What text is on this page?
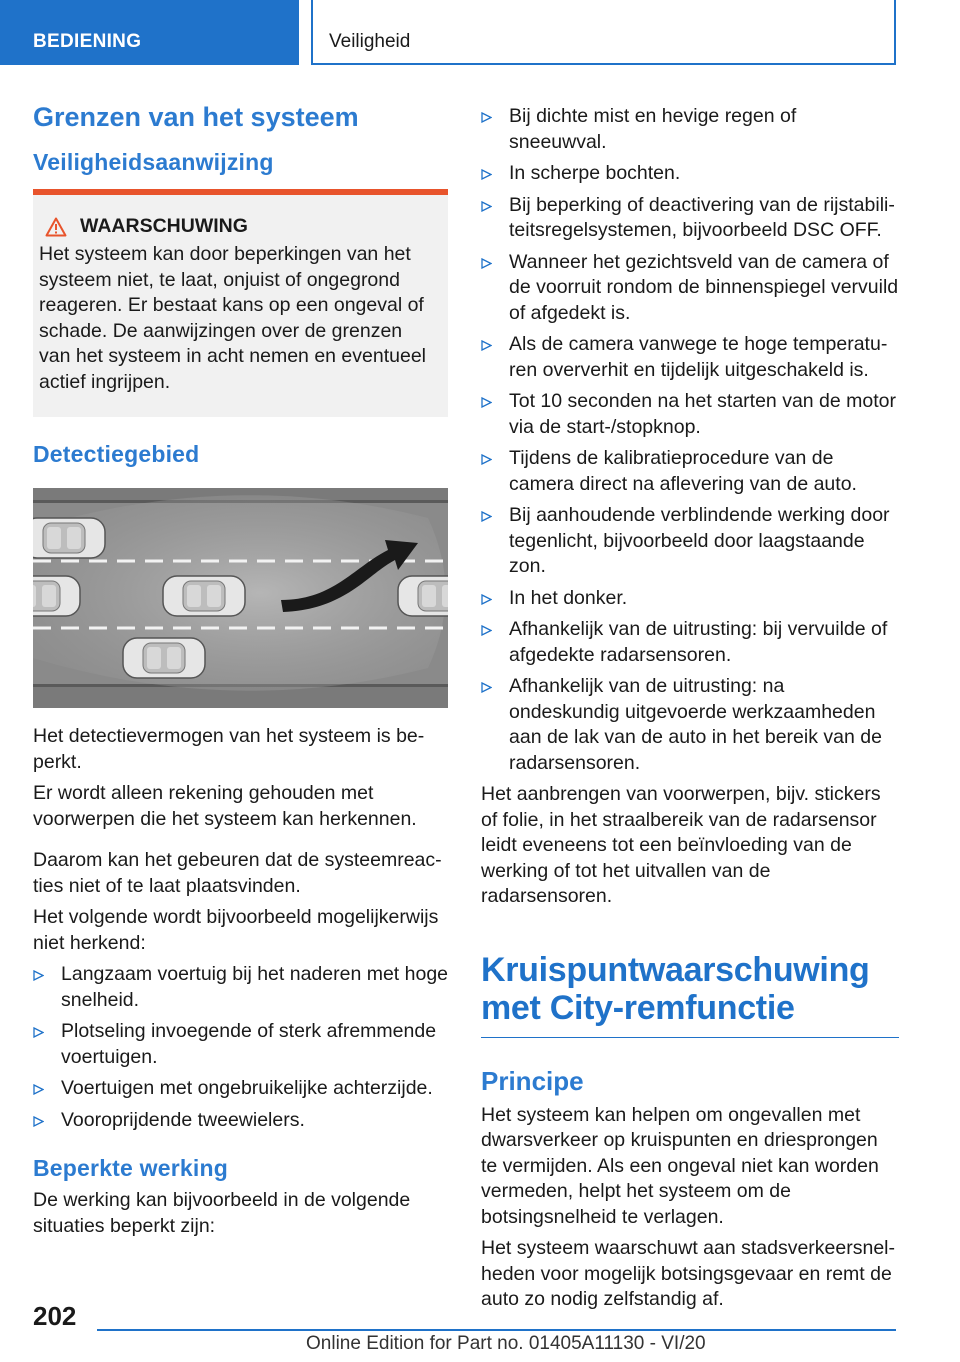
BEDIENING	Veiligheid
Grenzen van het systeem
Veiligheidsaanwijzing
WAARSCHUWING

Het systeem kan door beperkingen van het systeem niet, te laat, onjuist of ongegrond reageren. Er bestaat kans op een ongeval of schade. De aanwijzingen over de grenzen van het systeem in acht nemen en eventueel actief ingrijpen.

Detectiegebied

Het detectievermogen van het systeem is beperkt.

Er wordt alleen rekening gehouden met voorwerpen die het systeem kan herkennen.

Daarom kan het gebeuren dat de systeemreacties niet of te laat plaatsvinden.

Het volgende wordt bijvoorbeeld mogelijkerwijs niet herkend:

Langzaam voertuig bij het naderen met hoge snelheid.
Plotseling invoegende of sterk afremmende voertuigen.
Voertuigen met ongebruikelijke achterzijde.
Vooroprijdende tweewielers.
Beperkte werking

De werking kan bijvoorbeeld in de volgende situaties beperkt zijn:

Bij dichte mist en hevige regen of sneeuwval.
In scherpe bochten.
Bij beperking of deactivering van de rijstabiliteitsregelsystemen, bijvoorbeeld DSC OFF.
Wanneer het gezichtsveld van de camera of de voorruit rondom de binnenspiegel vervuild of afgedekt is.
Als de camera vanwege te hoge temperaturen oververhit en tijdelijk uitgeschakeld is.
Tot 10 seconden na het starten van de motor via de start-/stopknop.
Tijdens de kalibratieprocedure van de camera direct na aflevering van de auto.
Bij aanhoudende verblindende werking door tegenlicht, bijvoorbeeld door laagstaande zon.
In het donker.
Afhankelijk van de uitrusting: bij vervuilde of afgedekte radarsensoren.
Afhankelijk van de uitrusting: na ondeskundig uitgevoerde werkzaamheden aan de lak van de auto in het bereik van de radarsensoren.

Het aanbrengen van voorwerpen, bijv. stickers of folie, in het straalbereik van de radarsensor leidt eveneens tot een beïnvloeding van de werking of tot het uitvallen van de radarsensoren.

Kruispuntwaarschuwing met City-remfunctie
Principe

Het systeem kan helpen om ongevallen met dwarsverkeer op kruispunten en driesprongen te vermijden. Als een ongeval niet kan worden vermeden, helpt het systeem om de botsingsnelheid te verlagen.

Het systeem waarschuwt aan stadsverkeersnelheden voor mogelijk botsingsgevaar en remt de auto zo nodig zelfstandig af.

202
Online Edition for Part no. 01405A11130 - VI/20
